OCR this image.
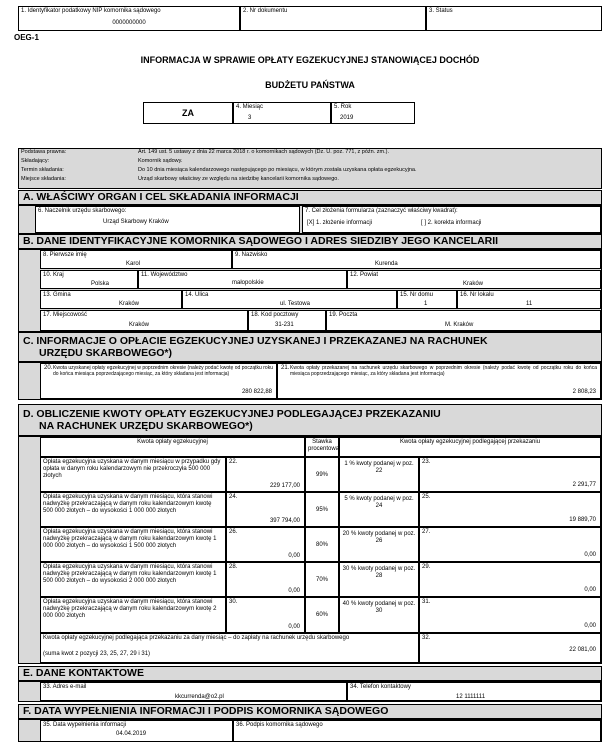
1. Identyfikator podatkowy NIP komornika sądowego
0000000000
2. Nr dokumentu	3. Status
OEG-1
INFORMACJA W SPRAWIE OPŁATY EGZEKUCYJNEJ STANOWIĄCEJ DOCHÓD
BUDŻETU PAŃSTWA
ZA
4. Miesiąc
3
5. Rok
2019
Podstawa prawna:	Art. 149 ust. 5 ustawy z dnia 22 marca 2018 r. o komornikach sądowych (Dz. U. poz. 771, z późn. zm.).
Składający:	Komornik sądowy.
Termin składania:	Do 10 dnia miesiąca kalendarzowego następującego po miesiącu, w którym została uzyskana opłata egzekucyjna.
Miejsce składania:	Urząd skarbowy właściwy ze względu na siedzibę kancelarii komornika sądowego.
A. WŁAŚCIWY ORGAN I CEL SKŁADANIA INFORMACJI
6. Naczelnik urzędu skarbowego:
Urząd Skarbowy Kraków
7. Cel złożenia formularza (zaznaczyć właściwy kwadrat):
[X] 1. złożenie informacji	[ ] 2. korekta informacji
B. DANE IDENTYFIKACYJNE KOMORNIKA SĄDOWEGO I ADRES SIEDZIBY JEGO KANCELARII
8. Pierwsze imię
Karol
9. Nazwisko
Kurenda
10. Kraj
Polska
11. Województwo
małopolskie
12. Powiat
Kraków
13. Gmina
Kraków
14. Ulica
ul. Testowa
15. Nr domu
1
16. Nr lokalu
11
17. Miejscowość
Kraków
18. Kod pocztowy
31-231
19. Poczta
M. Kraków
C. INFORMACJE O OPŁACIE EGZEKUCYJNEJ UZYSKANEJ I PRZEKAZANEJ NA RACHUNEK
URZĘDU SKARBOWEGO*)
20. Kwota uzyskanej opłaty egzekucyjnej w poprzednim okresie (należy podać kwotę od początku roku do końca miesiąca poprzedzającego miesiąc, za który składana jest informacja)
280 822,88
21. Kwota opłaty przekazanej na rachunek urzędu skarbowego w poprzednim okresie (należy podać kwotę od początku roku do końca miesiąca poprzedzającego miesiąc, za który składana jest informacja)
2 808,23
D. OBLICZENIE KWOTY OPŁATY EGZEKUCYJNEJ PODLEGAJĄCEJ PRZEKAZANIU
NA RACHUNEK URZĘDU SKARBOWEGO*)
Kwota opłaty egzekucyjnej	Stawka procentowa
Kwota opłaty egzekucyjnej podlegającej przekazaniu
Opłata egzekucyjna uzyskana w danym miesiącu w przypadku gdy opłata w danym roku kalendarzowym nie przekroczyła 500 000 złotych
22.
229 177,00
99%
1 % kwoty podanej w poz. 22
23.
2 291,77
Opłata egzekucyjna uzyskana w danym miesiącu, która stanowi nadwyżkę przekraczającą w danym roku kalendarzowym kwotę 500 000 złotych – do wysokości 1 000 000 złotych
24.
397 794,00
95%
5 % kwoty podanej w poz. 24
25.
19 889,70
Opłata egzekucyjna uzyskana w danym miesiącu, która stanowi nadwyżkę przekraczającą w danym roku kalendarzowym kwotę 1 000 000 złotych – do wysokości 1 500 000 złotych
26.
0,00
80%
20 % kwoty podanej w poz. 26
27.
0,00
Opłata egzekucyjna uzyskana w danym miesiącu, która stanowi nadwyżkę przekraczającą w danym roku kalendarzowym kwotę 1 500 000 złotych – do wysokości 2 000 000 złotych
28.
0,00
70%
30 % kwoty podanej w poz. 28
29.
0,00
Opłata egzekucyjna uzyskana w danym miesiącu, która stanowi nadwyżkę przekraczającą w danym roku kalendarzowym kwotę 2 000 000 złotych
30.
0,00
60%
40 % kwoty podanej w poz. 30
31.
0,00
Kwota opłaty egzekucyjnej podlegająca przekazaniu za dany miesiąc – do zapłaty na rachunek urzędu skarbowego
(suma kwot z pozycji 23, 25, 27, 29 i 31)
32.
22 081,00
E. DANE KONTAKTOWE
33. Adres e-mail
kkcurrenda@o2.pl
34. Telefon kontaktowy
12 1111111
F. DATA WYPEŁNIENIA INFORMACJI I PODPIS KOMORNIKA SĄDOWEGO
35. Data wypełnienia informacji
04.04.2019
36. Podpis komornika sądowego
